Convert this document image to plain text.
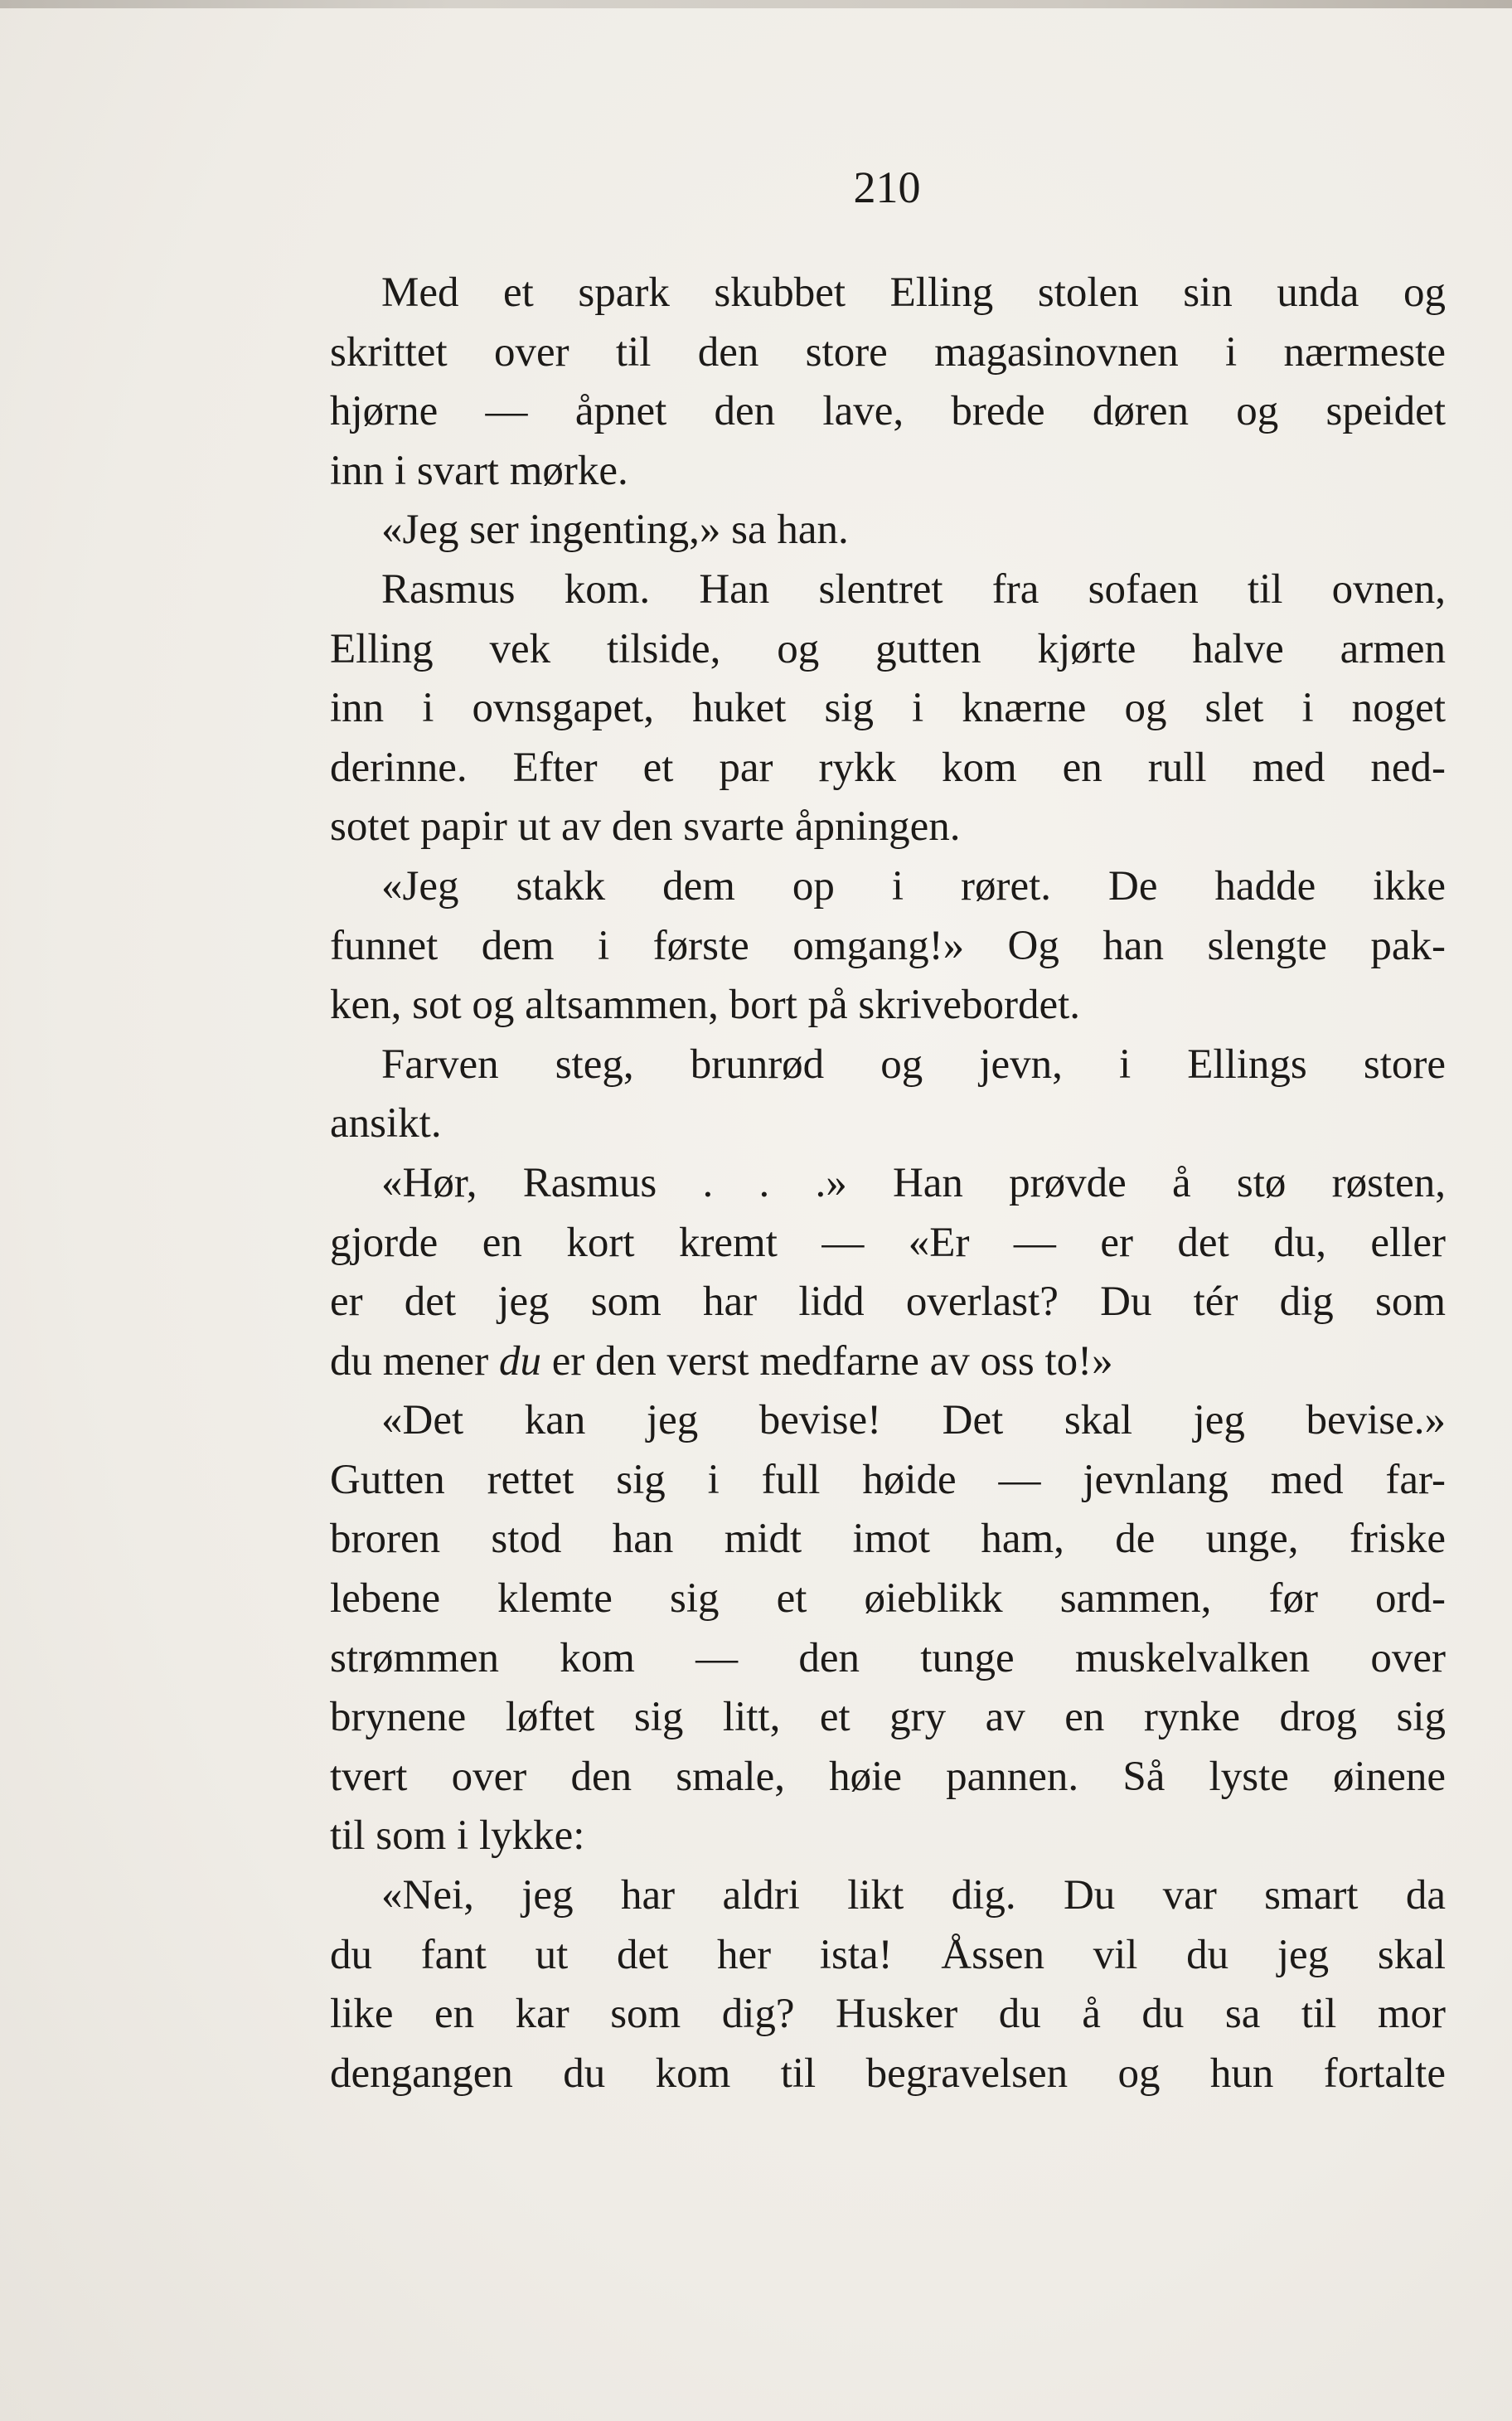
210

Med et spark skubbet Elling stolen sin unda og
skrittet over til den store magasinovnen i nærmeste
hjørne — åpnet den lave, brede døren og speidet
inn i svart mørke.
«Jeg ser ingenting,» sa han.
Rasmus kom. Han slentret fra sofaen til ovnen,
Elling vek tilside, og gutten kjørte halve armen
inn i ovnsgapet, huket sig i knærne og slet i noget
derinne. Efter et par rykk kom en rull med ned-
sotet papir ut av den svarte åpningen.
«Jeg stakk dem op i røret. De hadde ikke
funnet dem i første omgang!» Og han slengte pak-
ken, sot og altsammen, bort på skrivebordet.
Farven steg, brunrød og jevn, i Ellings store
ansikt.
«Hør, Rasmus . . .» Han prøvde å stø røsten,
gjorde en kort kremt — «Er — er det du, eller
er det jeg som har lidd overlast? Du tér dig som
du mener du er den verst medfarne av oss to!»
«Det kan jeg bevise! Det skal jeg bevise.»
Gutten rettet sig i full høide — jevnlang med far-
broren stod han midt imot ham, de unge, friske
lebene klemte sig et øieblikk sammen, før ord-
strømmen kom — den tunge muskelvalken over
brynene løftet sig litt, et gry av en rynke drog sig
tvert over den smale, høie pannen. Så lyste øinene
til som i lykke:
«Nei, jeg har aldri likt dig. Du var smart da
du fant ut det her ista! Åssen vil du jeg skal
like en kar som dig? Husker du å du sa til mor
dengangen du kom til begravelsen og hun fortalte
